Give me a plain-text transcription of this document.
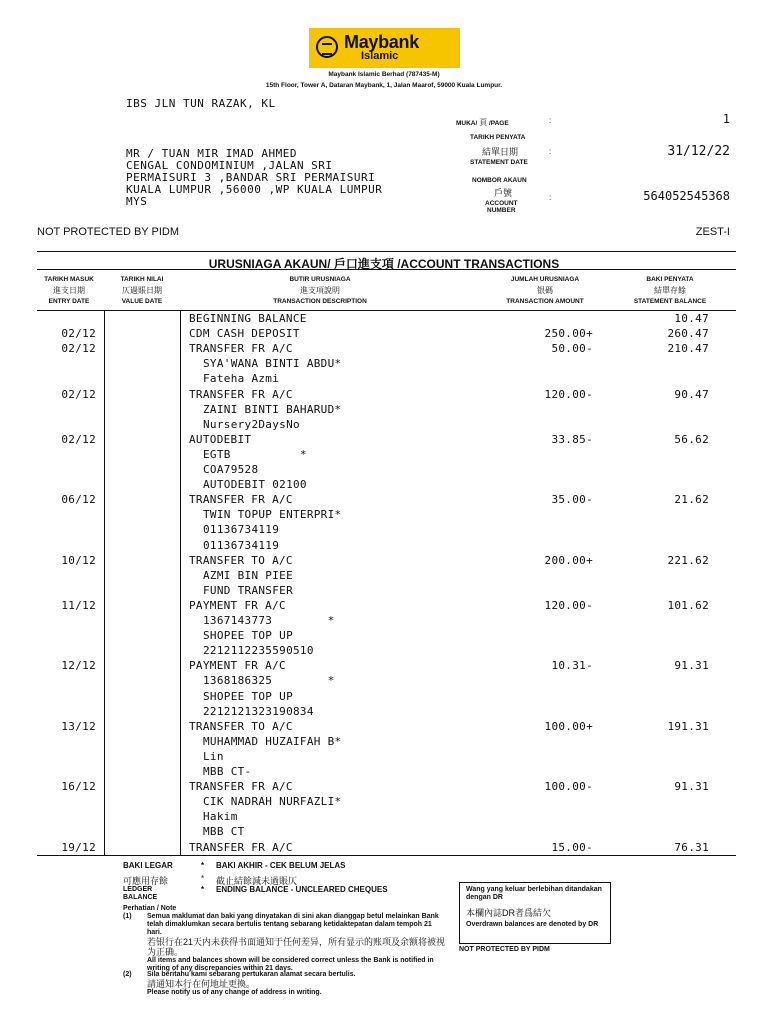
Maybank
Islamic
Maybank Islamic Berhad (787435-M)
15th Floor, Tower A, Dataran Maybank, 1, Jalan Maarof, 59000 Kuala Lumpur.
IBS JLN TUN RAZAK, KL
MR / TUAN MIR IMAD AHMED
CENGAL CONDOMINIUM ,JALAN SRI
PERMAISURI 3 ,BANDAR SRI PERMAISURI
KUALA LUMPUR ,56000 ,WP KUALA LUMPUR
MYS
MUKA/ 頁 /PAGE	:	1
TARIKH PENYATA
結單日期
STATEMENT DATE
:	31/12/22
NOMBOR AKAUN
戶號
ACCOUNT
NUMBER
:	564052545368
NOT PROTECTED BY PIDM	ZEST-I
URUSNIAGA AKAUN/ 戶口進支項 /ACCOUNT TRANSACTIONS
TARIKH MASUK
進支日期
ENTRY DATE
TARIKH NILAI
仄過賬日期
VALUE DATE
BUTIR URUSNIAGA
進支項說明
TRANSACTION DESCRIPTION
JUMLAH URUSNIAGA
银碼
TRANSACTION AMOUNT
BAKI PENYATA
結單存餘
STATEMENT BALANCE
BEGINNING BALANCE	10.47
02/12	CDM CASH DEPOSIT	250.00+	260.47
02/12	TRANSFER FR A/C	50.00-	210.47
SYA'WANA BINTI ABDU*
Fateha Azmi
02/12	TRANSFER FR A/C	120.00-	90.47
ZAINI BINTI BAHARUD*
Nursery2DaysNo
02/12	AUTODEBIT	33.85-	56.62
EGTB          *
COA79528
AUTODEBIT 02100
06/12	TRANSFER FR A/C	35.00-	21.62
TWIN TOPUP ENTERPRI*
01136734119
01136734119
10/12	TRANSFER TO A/C	200.00+	221.62
AZMI BIN PIEE
FUND TRANSFER
11/12	PAYMENT FR A/C	120.00-	101.62
1367143773        *
SHOPEE TOP UP
2212112235590510
12/12	PAYMENT FR A/C	10.31-	91.31
1368186325        *
SHOPEE TOP UP
2212121323190834
13/12	TRANSFER TO A/C	100.00+	191.31
MUHAMMAD HUZAIFAH B*
Lin
MBB CT-
16/12	TRANSFER FR A/C	100.00-	91.31
CIK NADRAH NURFAZLI*
Hakim
MBB CT
19/12	TRANSFER FR A/C	15.00-	76.31
BAKI LEGAR	* BAKI AKHIR - CEK BELUM JELAS
可應用存餘	* 截止結餘減未過賬仄
LEDGER
BALANCE
* ENDING BALANCE - UNCLEARED CHEQUES
Perhatian / Note
(1) Semua maklumat dan baki yang dinyatakan di sini akan dianggap betul melainkan Bank telah dimaklumkan secara bertulis tentang sebarang ketidaktepatan dalam tempoh 21 hari.
若银行在21天内未获得书面通知于任何差异，所有显示的账项及余额将被视为正确。
All items and balances shown will be considered correct unless the Bank is notified in writing of any discrepancies within 21 days.
(2) Sila beritahu kami sebarang pertukaran alamat secara bertulis.
請通知本行在何地址更換。
Please notify us of any change of address in writing.
Wang yang keluar berlebihan ditandakan dengan DR
本欄內誌DR者爲結欠
Overdrawn balances are denoted by DR
NOT PROTECTED BY PIDM
